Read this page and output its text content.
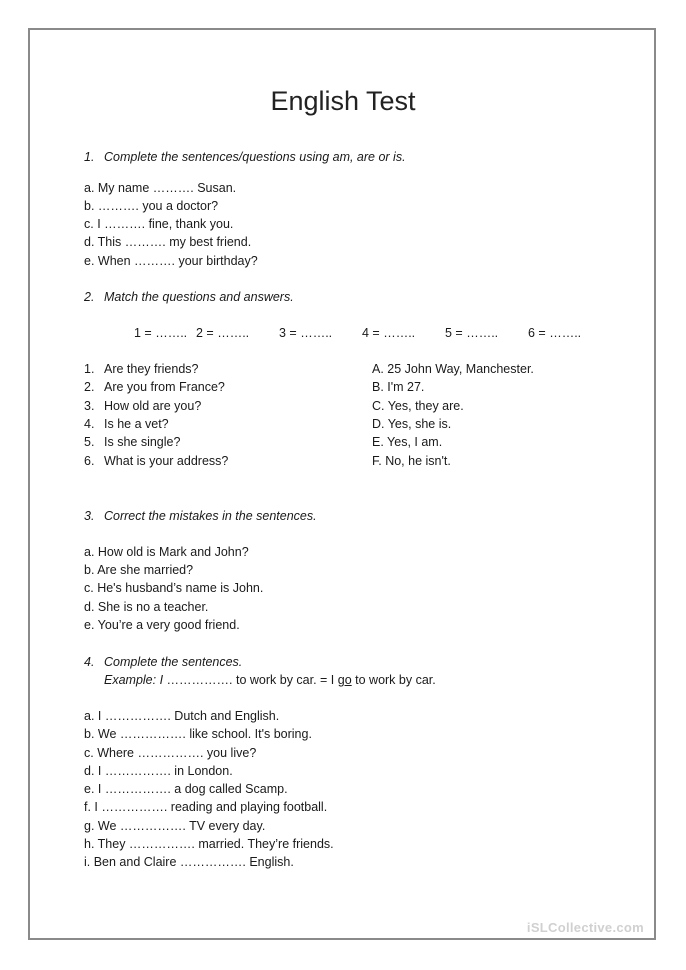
English Test
1. Complete the sentences/questions using am, are or is.
a. My name ………. Susan.
b. ………. you a doctor?
c. I ………. fine, thank you.
d. This ………. my best friend.
e. When ………. your birthday?
2. Match the questions and answers.
1 = …….. 2 = …….. 3 = …….. 4 = …….. 5 = …….. 6 = ……..
1. Are they friends?
2. Are you from France?
3. How old are you?
4. Is he a vet?
5. Is she single?
6. What is your address?
A. 25 John Way, Manchester.
B. I'm 27.
C. Yes, they are.
D. Yes, she is.
E. Yes, I am.
F. No, he isn't.
3. Correct the mistakes in the sentences.
a. How old is Mark and John?
b. Are she married?
c. He's husband’s name is John.
d. She is no a teacher.
e. You’re a very good friend.
4. Complete the sentences.
Example: I ……………. to work by car. = I go to work by car.
a. I ……………. Dutch and English.
b. We ……………. like school. It's boring.
c. Where ……………. you live?
d. I ……………. in London.
e. I ……………. a dog called Scamp.
f. I ……………. reading and playing football.
g. We ……………. TV every day.
h. They ……………. married. They’re friends.
i. Ben and Claire ……………. English.
iSLCollective.com
